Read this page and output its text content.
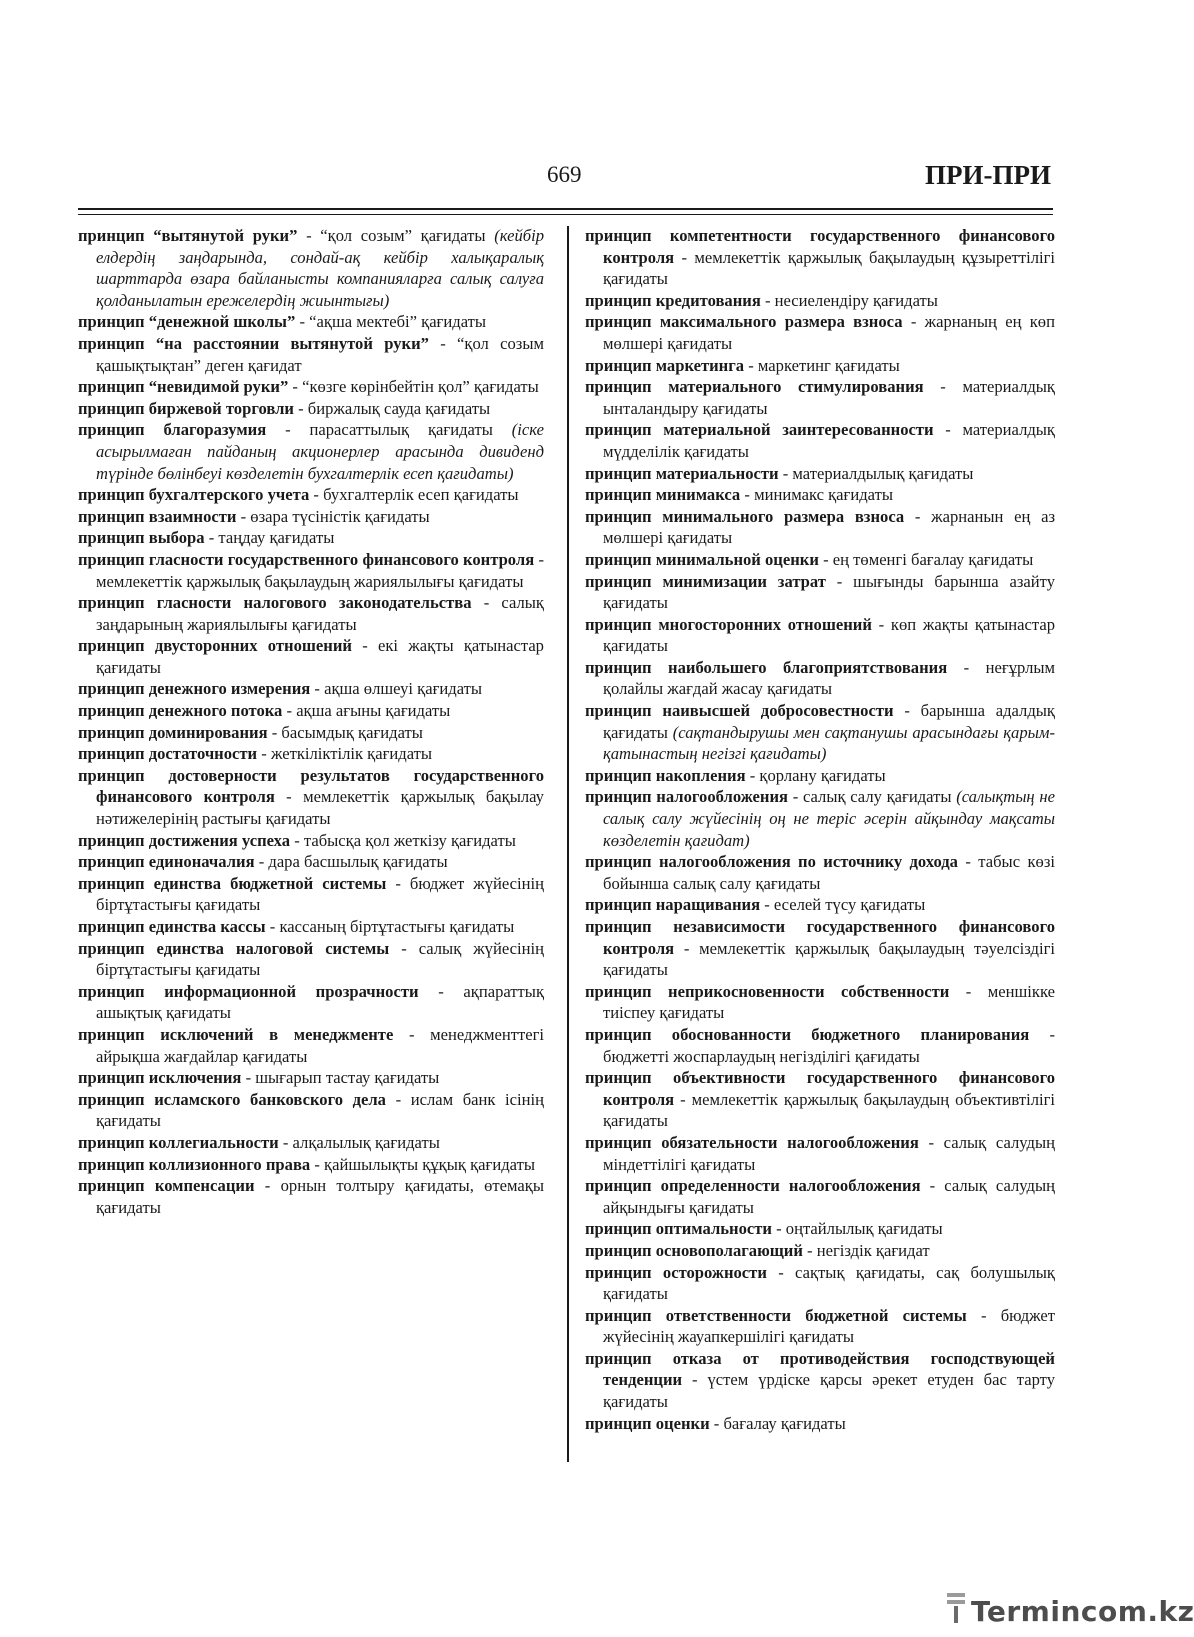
669	ПРИ-ПРИ

принцип “вытянутой руки” - “қол созым” қағидаты (кейбір елдердің заңдарында, сондай-ақ кейбір халықаралық шарттарда өзара байланысты компанияларға салық салуға қолданылатын ережелердің жиынтығы)

принцип “денежной школы” - “ақша мектебі” қағидаты

принцип “на расстоянии вытянутой руки” - “қол созым қашықтықтан” деген қағидат

принцип “невидимой руки” - “көзге көрінбейтін қол” қағидаты

принцип биржевой торговли - биржалық сауда қағидаты

принцип благоразумия - парасаттылық қағидаты (іске асырылмаған пайданың акционерлер арасында дивиденд түрінде бөлінбеуі көзделетін бухгалтерлік есеп қағидаты)

принцип бухгалтерского учета - бухгалтерлік есеп қағидаты

принцип взаимности - өзара түсіністік қағидаты

принцип выбора - таңдау қағидаты

принцип гласности государственного финансового контроля - мемлекеттік қаржылық бақылаудың жариялылығы қағидаты

принцип гласности налогового законодательства - салық заңдарының жариялылығы қағидаты

принцип двусторонних отношений - екі жақты қатынастар қағидаты

принцип денежного измерения - ақша өлшеуі қағидаты

принцип денежного потока - ақша ағыны қағидаты

принцип доминирования - басымдық қағидаты

принцип достаточности - жеткіліктілік қағидаты

принцип достоверности результатов государственного финансового контроля - мемлекеттік қаржылық бақылау нәтижелерінің растығы қағидаты

принцип достижения успеха - табысқа қол жеткізу қағидаты

принцип единоначалия - дара басшылық қағидаты

принцип единства бюджетной системы - бюджет жүйесінің біртұтастығы қағидаты

принцип единства кассы - кассаның біртұтастығы қағидаты

принцип единства налоговой системы - салық жүйесінің біртұтастығы қағидаты

принцип информационной прозрачности - ақпараттық ашықтық қағидаты

принцип исключений в менеджменте - менеджменттегі айрықша жағдайлар қағидаты

принцип исключения - шығарып тастау қағидаты

принцип исламского банковского дела - ислам банк ісінің қағидаты

принцип коллегиальности - алқалылық қағидаты

принцип коллизионного права - қайшылықты құқық қағидаты

принцип компенсации - орнын толтыру қағидаты, өтемақы қағидаты

принцип компетентности государственного финансового контроля - мемлекеттік қаржылық бақылаудың құзыреттілігі қағидаты

принцип кредитования - несиелендіру қағидаты

принцип максимального размера взноса - жарнаның ең көп мөлшері қағидаты

принцип маркетинга - маркетинг қағидаты

принцип материального стимулирования - материалдық ынталандыру қағидаты

принцип материальной заинтересованности - материалдық мүдделілік қағидаты

принцип материальности - материалдылық қағидаты

принцип минимакса - минимакс қағидаты

принцип минимального размера взноса - жарнанын ең аз мөлшері қағидаты

принцип минимальной оценки - ең төменгі бағалау қағидаты

принцип минимизации затрат - шығынды барынша азайту қағидаты

принцип многосторонних отношений - көп жақты қатынастар қағидаты

принцип наибольшего благоприятствования - неғұрлым қолайлы жағдай жасау қағидаты

принцип наивысшей добросовестности - барынша адалдық қағидаты (сақтандырушы мен сақтанушы арасындағы қарым-қатынастың негізгі қағидаты)

принцип накопления - қорлану қағидаты

принцип налогообложения - салық салу қағидаты (салықтың не салық салу жүйесінің оң не теріс әсерін айқындау мақсаты көзделетін қағидат)

принцип налогообложения по источнику дохода - табыс көзі бойынша салық салу қағидаты

принцип наращивания - еселей түсу қағидаты

принцип независимости государственного финансового контроля - мемлекеттік қаржылық бақылаудың тәуелсіздігі қағидаты

принцип неприкосновенности собственности - меншікке тиіспеу қағидаты

принцип обоснованности бюджетного планирования - бюджетті жоспарлаудың негізділігі қағидаты

принцип объективности государственного финансового контроля - мемлекеттік қаржылық бақылаудың объективтілігі қағидаты

принцип обязательности налогообложения - салық салудың міндеттілігі қағидаты

принцип определенности налогообложения - салық салудың айқындығы қағидаты

принцип оптимальности - оңтайлылық қағидаты

принцип основополагающий - негіздік қағидат

принцип осторожности - сақтық қағидаты, сақ болушылық қағидаты

принцип ответственности бюджетной системы - бюджет жүйесінің жауапкершілігі қағидаты

принцип отказа от противодействия господствующей тенденции - үстем үрдіске қарсы әрекет етуден бас тарту қағидаты

принцип оценки - бағалау қағидаты

Termincom.kz
